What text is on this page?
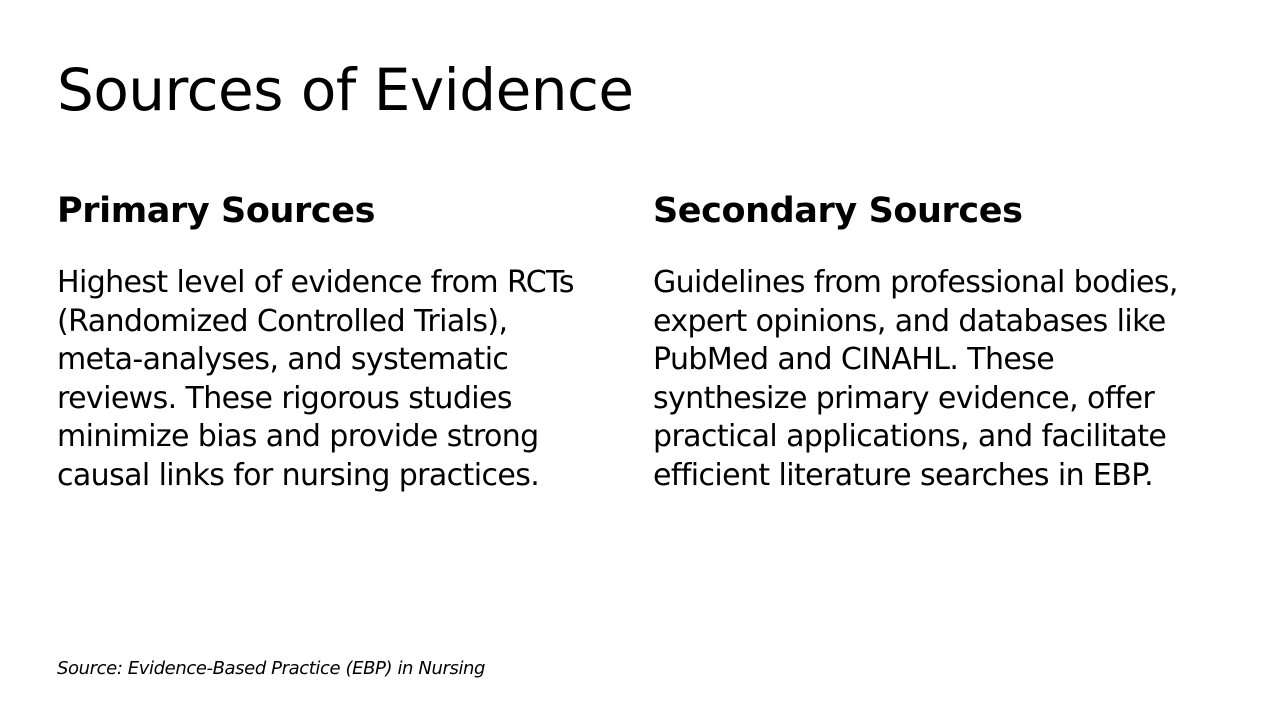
Sources of Evidence
Primary Sources

Highest level of evidence from RCTs (Randomized Controlled Trials), meta-analyses, and systematic reviews. These rigorous studies minimize bias and provide strong causal links for nursing practices.

Secondary Sources

Guidelines from professional bodies, expert opinions, and databases like PubMed and CINAHL. These synthesize primary evidence, offer practical applications, and facilitate efficient literature searches in EBP.

Source: Evidence-Based Practice (EBP) in Nursing
